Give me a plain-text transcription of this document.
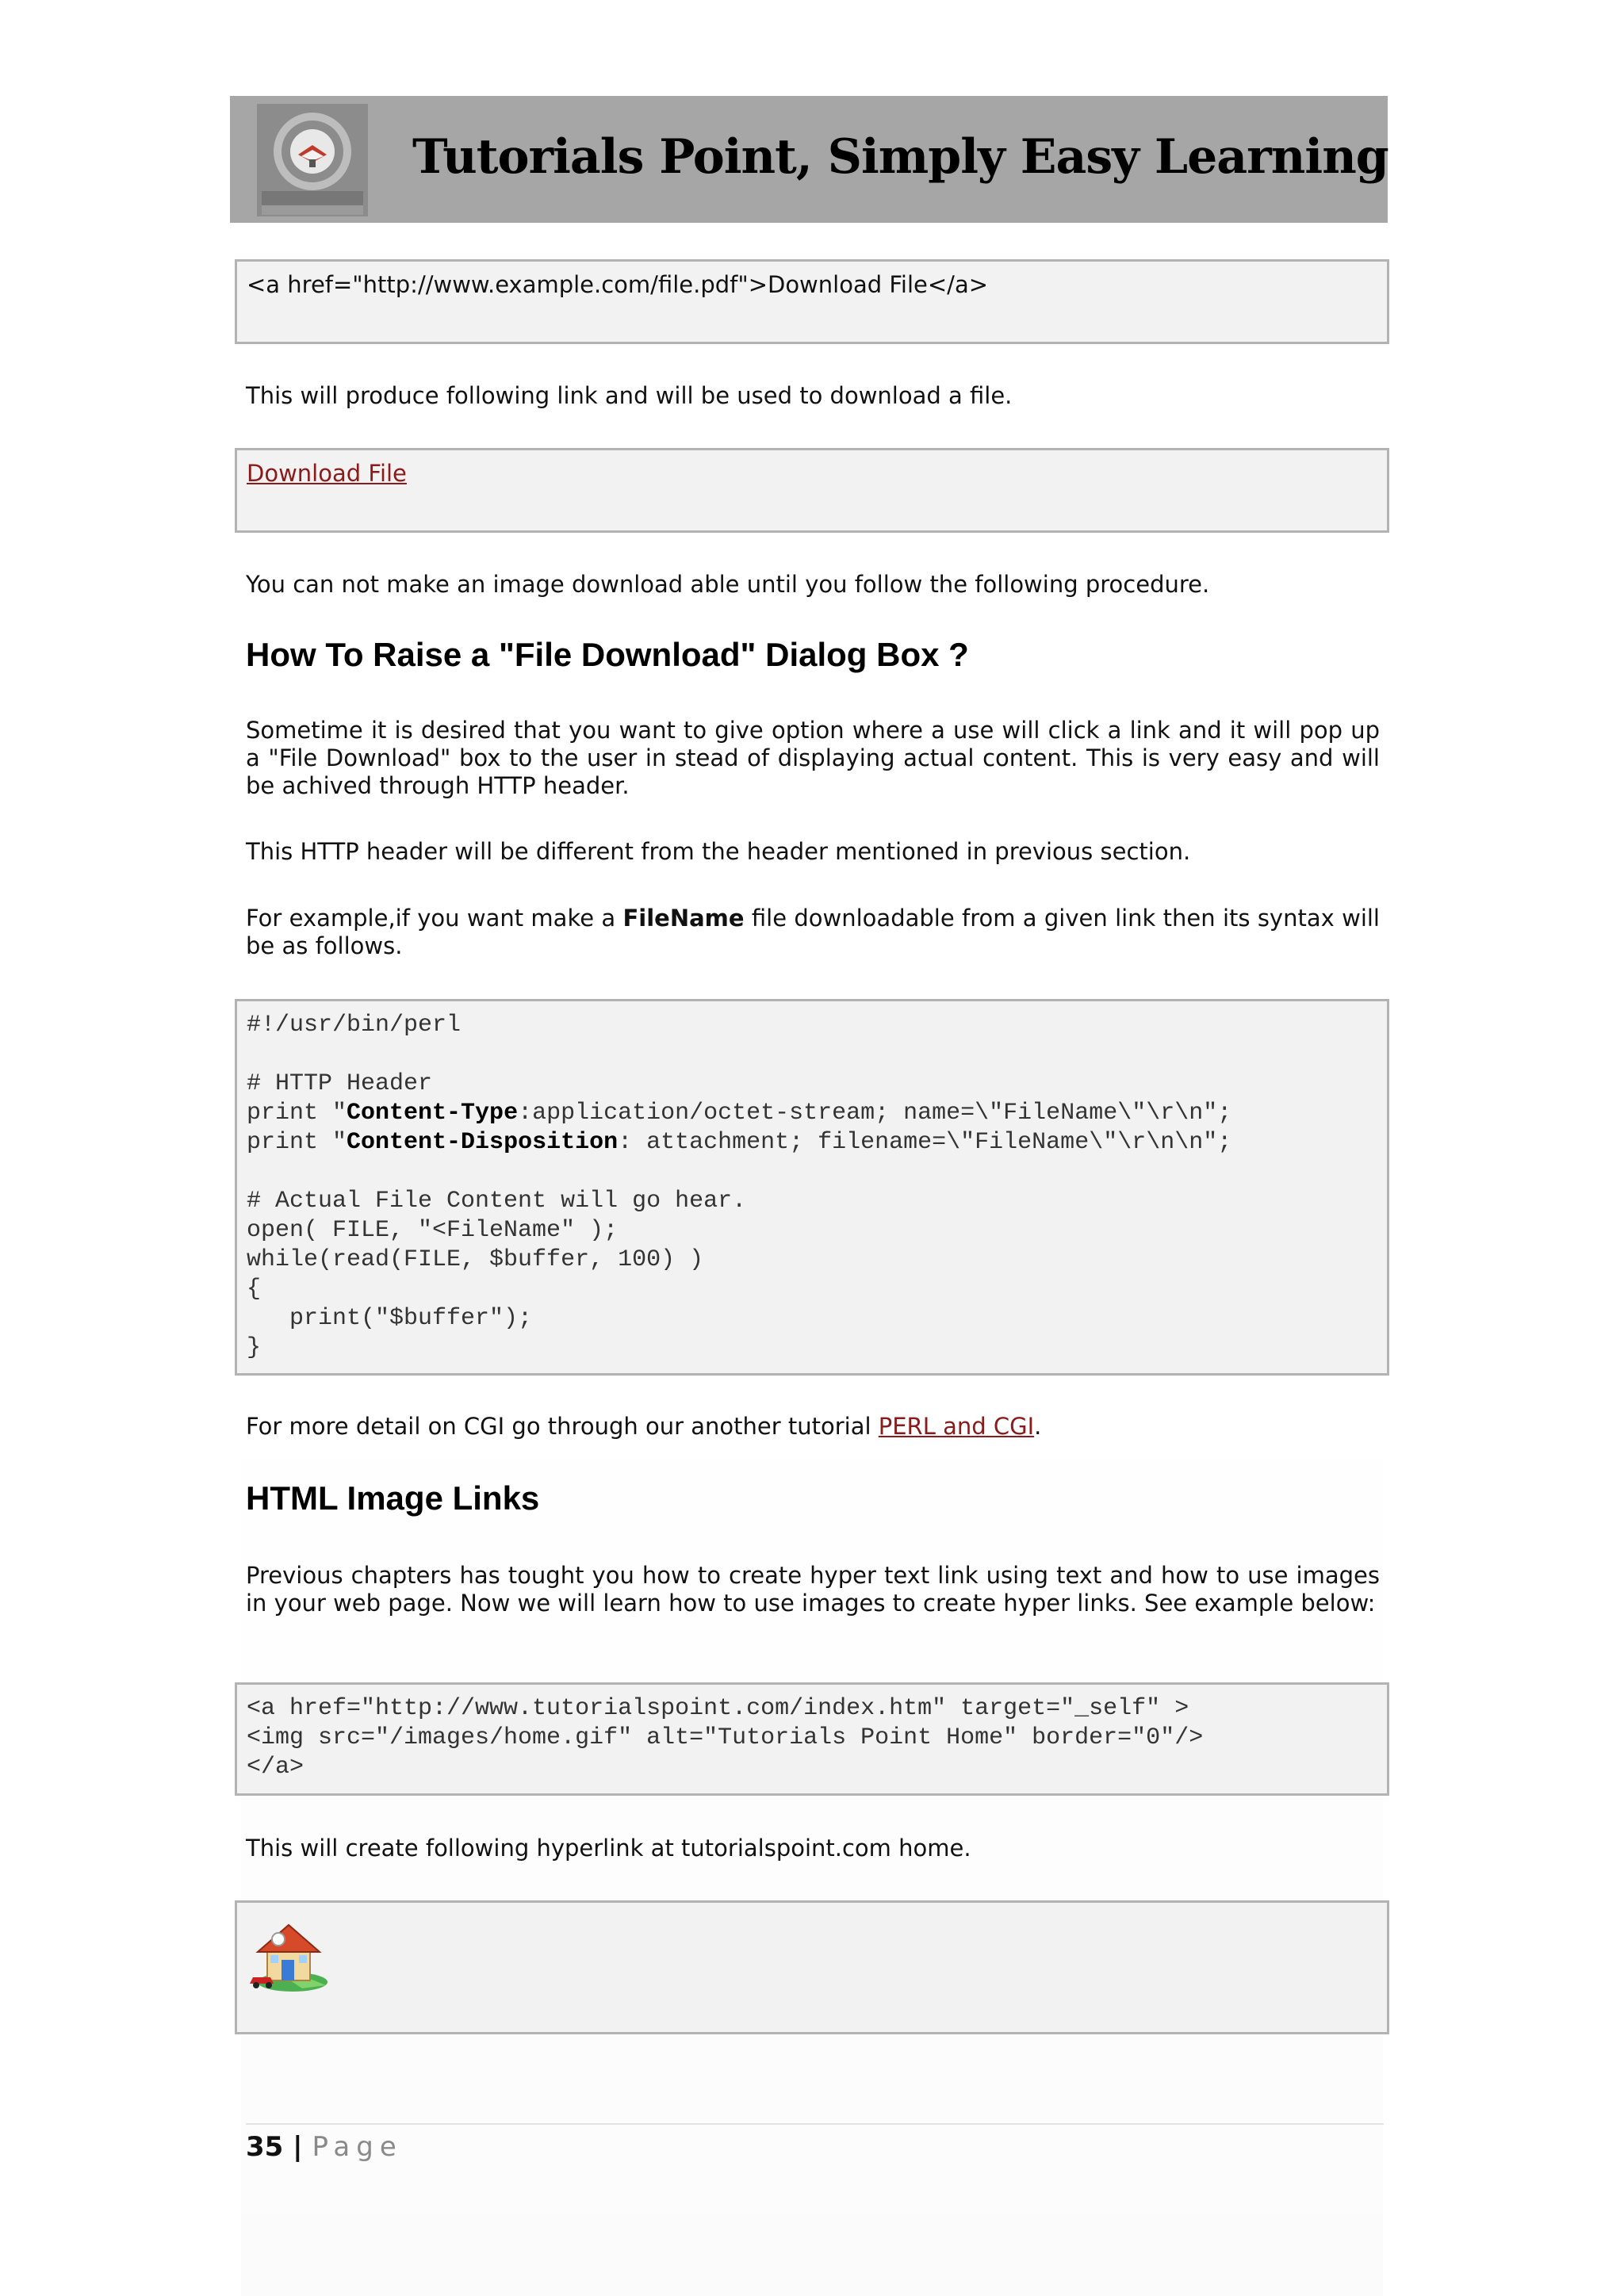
Tutorials Point, Simply Easy Learning
<a href="http://www.example.com/file.pdf">Download File</a>
This will produce following link and will be used to download a file.
Download File
You can not make an image download able until you follow the following procedure.
How To Raise a "File Download" Dialog Box ?
Sometime it is desired that you want to give option where a use will click a link and it will pop up a "File Download" box to the user in stead of displaying actual content. This is very easy and will be achived through HTTP header.
This HTTP header will be different from the header mentioned in previous section.
For example,if you want make a FileName file downloadable from a given link then its syntax will be as follows.
#!/usr/bin/perl

# HTTP Header
print "Content-Type:application/octet-stream; name=\"FileName\"\r\n";
print "Content-Disposition: attachment; filename=\"FileName\"\r\n\n";

# Actual File Content will go hear.
open( FILE, "<FileName" );
while(read(FILE, $buffer, 100) )
{
print("$buffer");
}
For more detail on CGI go through our another tutorial PERL and CGI.
HTML Image Links
Previous chapters has tought you how to create hyper text link using text and how to use images in your web page. Now we will learn how to use images to create hyper links. See example below:
<a href="http://www.tutorialspoint.com/index.htm" target="_self" >
<img src="/images/home.gif" alt="Tutorials Point Home" border="0"/>
</a>
This will create following hyperlink at tutorialspoint.com home.
35 | Page
